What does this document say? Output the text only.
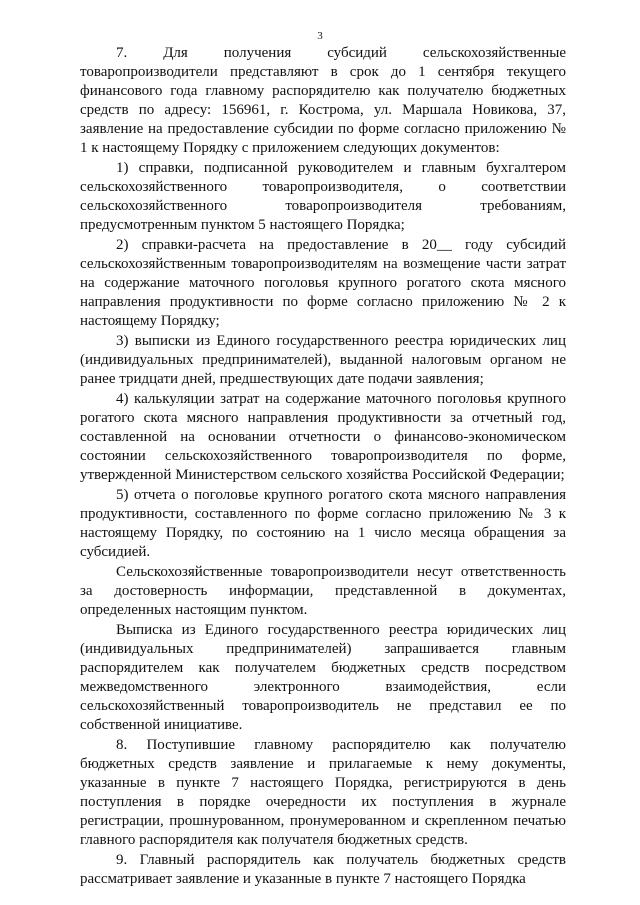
3

7. Для получения субсидий сельскохозяйственные товаропроизводители представляют в срок до 1 сентября текущего финансового года главному распорядителю как получателю бюджетных средств по адресу: 156961, г. Кострома, ул. Маршала Новикова, 37, заявление на предоставление субсидии по форме согласно приложению № 1 к настоящему Порядку с приложением следующих документов:

1) справки, подписанной руководителем и главным бухгалтером сельскохозяйственного товаропроизводителя, о соответствии сельскохозяйственного товаропроизводителя требованиям, предусмотренным пунктом 5 настоящего Порядка;

2) справки-расчета на предоставление в 20__ году субсидий сельскохозяйственным товаропроизводителям на возмещение части затрат на содержание маточного поголовья крупного рогатого скота мясного направления продуктивности по форме согласно приложению № 2 к настоящему Порядку;

3) выписки из Единого государственного реестра юридических лиц (индивидуальных предпринимателей), выданной налоговым органом не ранее тридцати дней, предшествующих дате подачи заявления;

4) калькуляции затрат на содержание маточного поголовья крупного рогатого скота мясного направления продуктивности за отчетный год, составленной на основании отчетности о финансово-экономическом состоянии сельскохозяйственного товаропроизводителя по форме, утвержденной Министерством сельского хозяйства Российской Федерации;

5) отчета о поголовье крупного рогатого скота мясного направления продуктивности, составленного по форме согласно приложению № 3 к настоящему Порядку, по состоянию на 1 число месяца обращения за субсидией.

Сельскохозяйственные товаропроизводители несут ответственность за достоверность информации, представленной в документах, определенных настоящим пунктом.

Выписка из Единого государственного реестра юридических лиц (индивидуальных предпринимателей) запрашивается главным распорядителем как получателем бюджетных средств посредством межведомственного электронного взаимодействия, если сельскохозяйственный товаропроизводитель не представил ее по собственной инициативе.

8. Поступившие главному распорядителю как получателю бюджетных средств заявление и прилагаемые к нему документы, указанные в пункте 7 настоящего Порядка, регистрируются в день поступления в порядке очередности их поступления в журнале регистрации, прошнурованном, пронумерованном и скрепленном печатью главного распорядителя как получателя бюджетных средств.

9. Главный распорядитель как получатель бюджетных средств рассматривает заявление и указанные в пункте 7 настоящего Порядка
